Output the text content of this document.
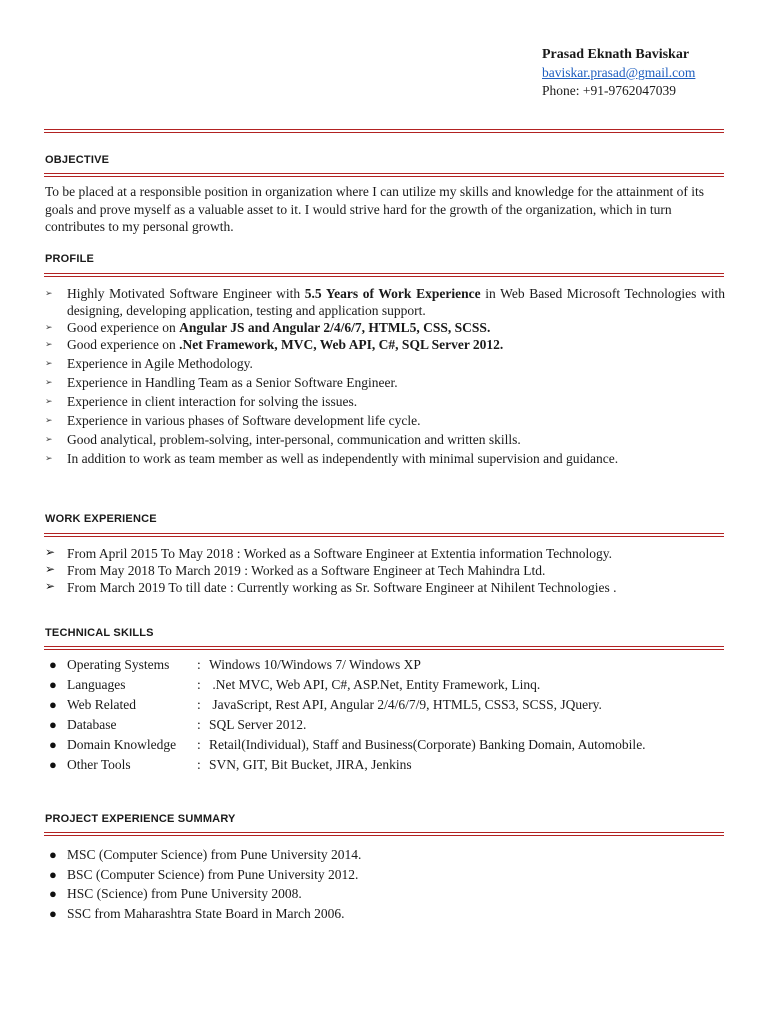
Prasad Eknath Baviskar
baviskar.prasad@gmail.com
Phone: +91-9762047039
OBJECTIVE
To be placed at a responsible position in organization where I can utilize my skills and knowledge for the attainment of its goals and prove myself as a valuable asset to it. I would strive hard for the growth of the organization, which in turn contributes to my personal growth.
PROFILE
➢	Highly Motivated Software Engineer with 5.5 Years of Work Experience in Web Based Microsoft Technologies with designing, developing application, testing and application support.
➢	Good experience on Angular JS and Angular 2/4/6/7, HTML5, CSS, SCSS.
➢	Good experience on .Net Framework, MVC, Web API, C#, SQL Server 2012.
➢	Experience in Agile Methodology.
➢	Experience in Handling Team as a Senior Software Engineer.
➢	Experience in client interaction for solving the issues.
➢	Experience in various phases of Software development life cycle.
➢	Good analytical, problem-solving, inter-personal, communication and written skills.
➢	In addition to work as team member as well as independently with minimal supervision and guidance.
WORK EXPERIENCE
➢ From April 2015 To May 2018 : Worked as a Software Engineer at Extentia information Technology.
➢ From May 2018 To March 2019 : Worked as a Software Engineer at Tech Mahindra Ltd.
➢ From March 2019 To till date : Currently working as Sr. Software Engineer at Nihilent Technologies .
TECHNICAL SKILLS
● Operating Systems : Windows 10/Windows 7/ Windows XP
● Languages	: .Net MVC, Web API, C#, ASP.Net, Entity Framework, Linq.
● Web Related	: JavaScript, Rest API, Angular 2/4/6/7/9, HTML5, CSS3, SCSS, JQuery.
● Database	: SQL Server 2012.
● Domain Knowledge : Retail(Individual), Staff and Business(Corporate) Banking Domain, Automobile.
● Other Tools	: SVN, GIT, Bit Bucket, JIRA, Jenkins
PROJECT EXPERIENCE SUMMARY
● MSC (Computer Science) from Pune University 2014.
● BSC (Computer Science) from Pune University 2012.
● HSC (Science) from Pune University 2008.
● SSC from Maharashtra State Board in March 2006.
